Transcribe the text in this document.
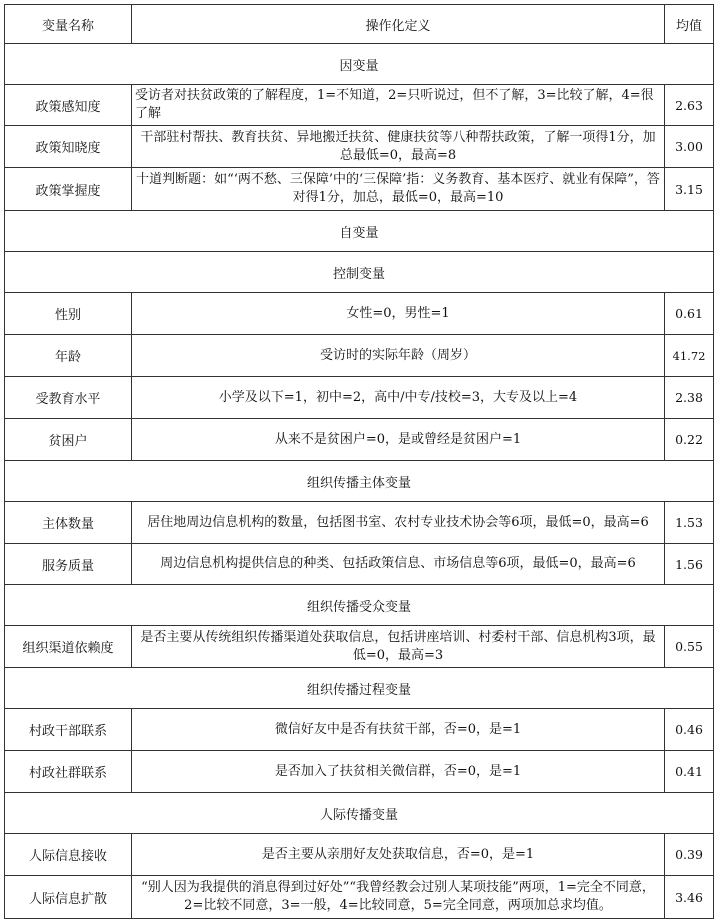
变量名称	操作化定义	均值
因变量		
政策感知度	受访者对扶贫政策的了解程度，1=不知道，2=只听说过，但不了解，3=比较了解，4=很了解	2.63
政策知晓度	干部驻村帮扶、教育扶贫、异地搬迁扶贫、健康扶贫等八种帮扶政策，了解一项得1分，加总最低=0，最高=8	3.00
政策掌握度	十道判断题：如“‘两不愁、三保障’中的‘三保障’指：义务教育、基本医疗、就业有保障”，答对得1分，加总，最低=0，最高=10	3.15
自变量		
控制变量		
性别	女性=0，男性=1	0.61
年龄	受访时的实际年龄（周岁）	41.72
受教育水平	小学及以下=1，初中=2，高中/中专/技校=3，大专及以上=4	2.38
贫困户	从来不是贫困户=0，是或曾经是贫困户=1	0.22
组织传播主体变量		
主体数量	居住地周边信息机构的数量，包括图书室、农村专业技术协会等6项，最低=0，最高=6	1.53
服务质量	周边信息机构提供信息的种类、包括政策信息、市场信息等6项，最低=0，最高=6	1.56
组织传播受众变量		
组织渠道依赖度	是否主要从传统组织传播渠道处获取信息，包括讲座培训、村委村干部、信息机构3项，最低=0，最高=3	0.55
组织传播过程变量		
村政干部联系	微信好友中是否有扶贫干部，否=0，是=1	0.46
村政社群联系	是否加入了扶贫相关微信群，否=0，是=1	0.41
人际传播变量		
人际信息接收	是否主要从亲朋好友处获取信息，否=0，是=1	0.39
人际信息扩散	“别人因为我提供的消息得到过好处”“我曾经教会过别人某项技能”两项，1=完全不同意，2=比较不同意，3=一般，4=比较同意，5=完全同意，两项加总求均值。	3.46
